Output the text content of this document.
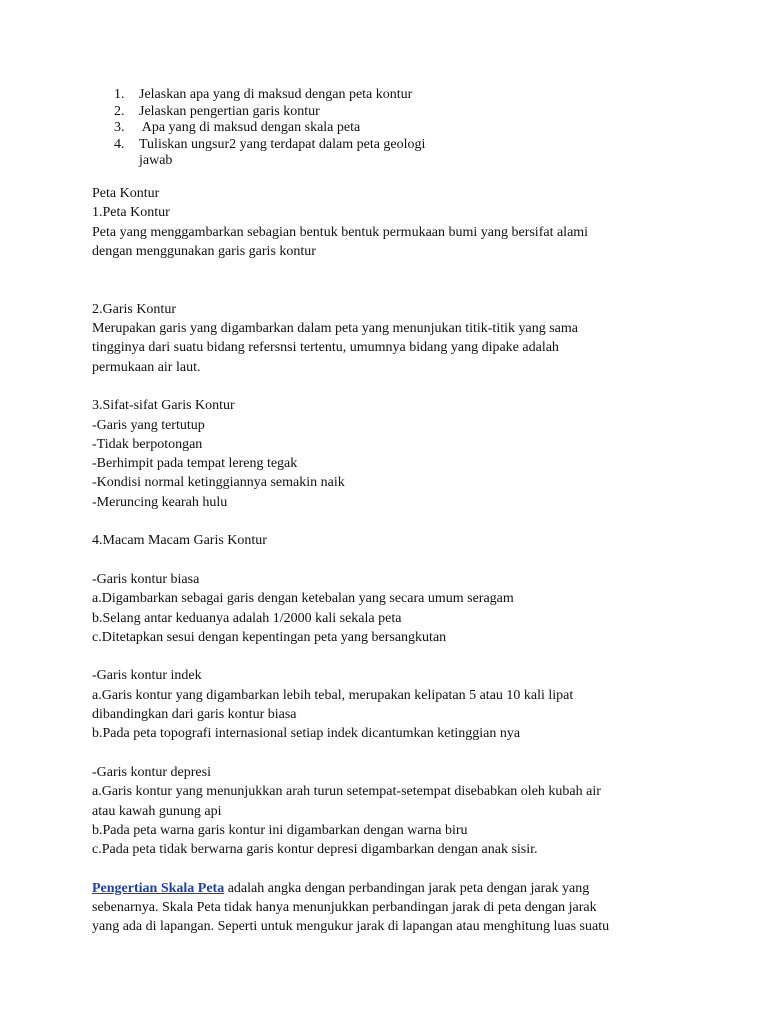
1. Jelaskan apa yang di maksud dengan peta kontur
2. Jelaskan pengertian garis kontur
3. Apa yang di maksud dengan skala peta
4. Tuliskan ungsur2 yang terdapat dalam peta geologi
jawab
Peta Kontur
1.Peta Kontur
Peta yang menggambarkan sebagian bentuk bentuk permukaan bumi yang bersifat alami
dengan menggunakan garis garis kontur
2.Garis Kontur
Merupakan garis yang digambarkan dalam peta yang menunjukan titik-titik yang sama
tingginya dari suatu bidang refersnsi tertentu, umumnya bidang yang dipake adalah
permukaan air laut.
3.Sifat-sifat Garis Kontur
-Garis yang tertutup
-Tidak berpotongan
-Berhimpit pada tempat lereng tegak
-Kondisi normal ketinggiannya semakin naik
-Meruncing kearah hulu
4.Macam Macam Garis Kontur
-Garis kontur biasa
a.Digambarkan sebagai garis dengan ketebalan yang secara umum seragam
b.Selang antar keduanya adalah 1/2000 kali sekala peta
c.Ditetapkan sesui dengan kepentingan peta yang bersangkutan
-Garis kontur indek
a.Garis kontur yang digambarkan lebih tebal, merupakan kelipatan 5 atau 10 kali lipat
dibandingkan dari garis kontur biasa
b.Pada peta topografi internasional setiap indek dicantumkan ketinggian nya
-Garis kontur depresi
a.Garis kontur yang menunjukkan arah turun setempat-setempat disebabkan oleh kubah air
atau kawah gunung api
b.Pada peta warna garis kontur ini digambarkan dengan warna biru
c.Pada peta tidak berwarna garis kontur depresi digambarkan dengan anak sisir.
Pengertian Skala Peta adalah angka dengan perbandingan jarak peta dengan jarak yang
sebenarnya. Skala Peta tidak hanya menunjukkan perbandingan jarak di peta dengan jarak
yang ada di lapangan. Seperti untuk mengukur jarak di lapangan atau menghitung luas suatu
